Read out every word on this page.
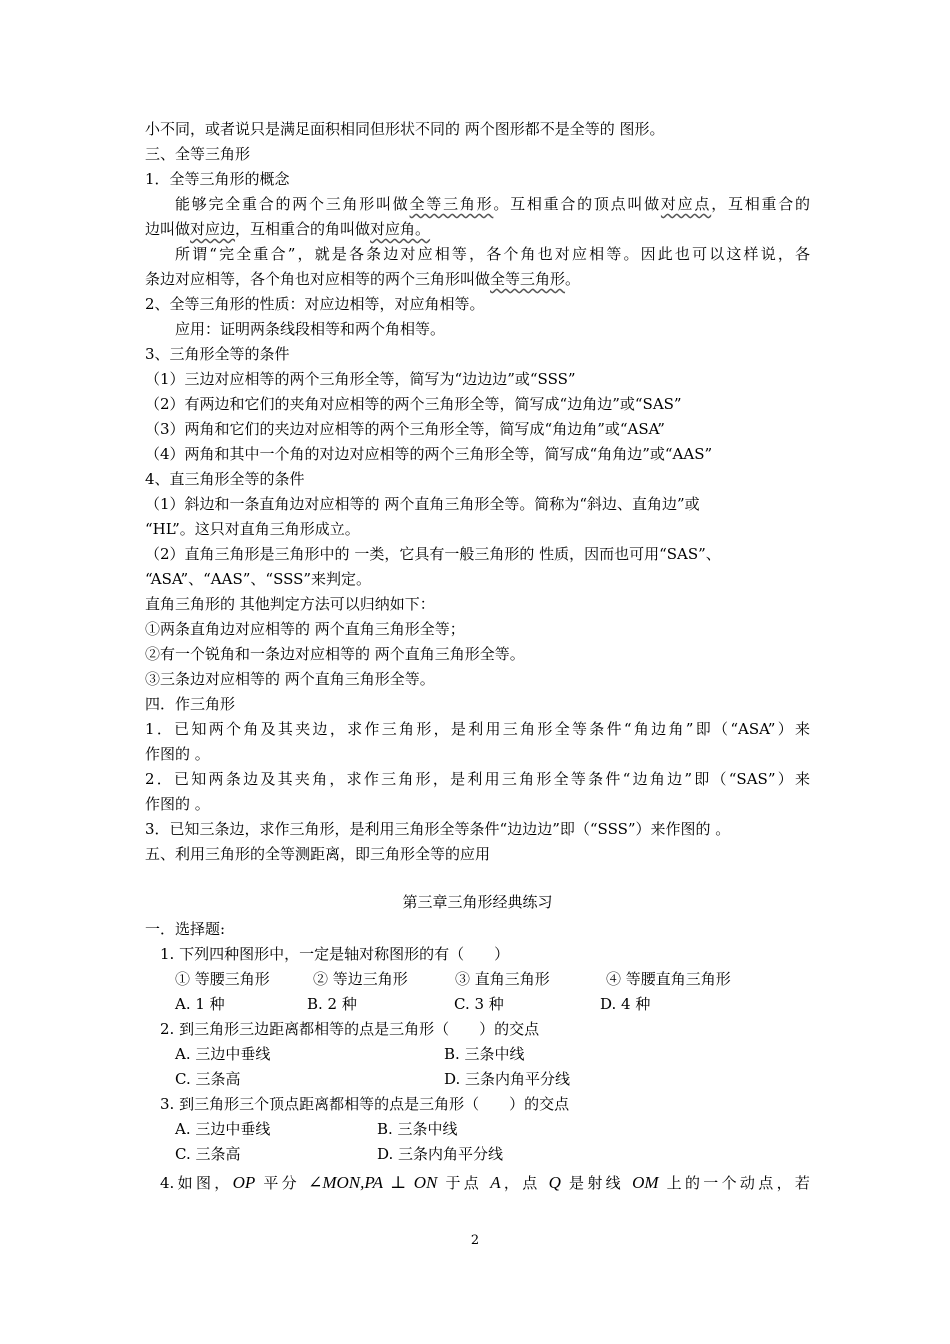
小不同，或者说只是满足面积相同但形状不同的 两个图形都不是全等的 图形。
三、全等三角形
1．全等三角形的概念
能够完全重合的两个三角形叫做全等三角形。互相重合的顶点叫做对应点，互相重合的
边叫做对应边，互相重合的角叫做对应角。
所谓“完全重合”，就是各条边对应相等，各个角也对应相等。因此也可以这样说，各
条边对应相等，各个角也对应相等的两个三角形叫做全等三角形。
2、全等三角形的性质：对应边相等，对应角相等。
应用：证明两条线段相等和两个角相等。
3、三角形全等的条件
（1）三边对应相等的两个三角形全等，简写为“边边边”或“SSS”
（2）有两边和它们的夹角对应相等的两个三角形全等，简写成“边角边”或“SAS”
（3）两角和它们的夹边对应相等的两个三角形全等，简写成“角边角”或“ASA”
（4）两角和其中一个角的对边对应相等的两个三角形全等，简写成“角角边”或“AAS”
4、直三角形全等的条件
（1）斜边和一条直角边对应相等的 两个直角三角形全等。简称为“斜边、直角边”或
“HL”。这只对直角三角形成立。
（2）直角三角形是三角形中的 一类，它具有一般三角形的 性质，因而也可用“SAS”、
“ASA”、“AAS”、“SSS”来判定。
直角三角形的 其他判定方法可以归纳如下：
①两条直角边对应相等的 两个直角三角形全等；
②有一个锐角和一条边对应相等的 两个直角三角形全等。
③三条边对应相等的 两个直角三角形全等。
四．作三角形
1．已知两个角及其夹边，求作三角形，是利用三角形全等条件“角边角”即（“ASA”）来
作图的 。
2．已知两条边及其夹角，求作三角形，是利用三角形全等条件“边角边”即（“SAS”）来
作图的 。
3．已知三条边，求作三角形，是利用三角形全等条件“边边边”即（“SSS”）来作图的 。
五、利用三角形的全等测距离，即三角形全等的应用
第三章三角形经典练习
一．选择题:
1. 下列四种图形中，一定是轴对称图形的有（　　）
① 等腰三角形	② 等边三角形	③ 直角三角形	④ 等腰直角三角形
A. 1 种	B. 2 种	C. 3 种	D. 4 种
2. 到三角形三边距离都相等的点是三角形（　　）的交点
A. 三边中垂线	B. 三条中线
C. 三条高	D. 三条内角平分线
3. 到三角形三个顶点距离都相等的点是三角形（　　）的交点
A. 三边中垂线	B. 三条中线
C. 三条高	D. 三条内角平分线
4.如图，OP 平分 ∠MON,PA ⊥ ON 于点 A，点 Q 是射线 OM 上的一个动点，若
2
